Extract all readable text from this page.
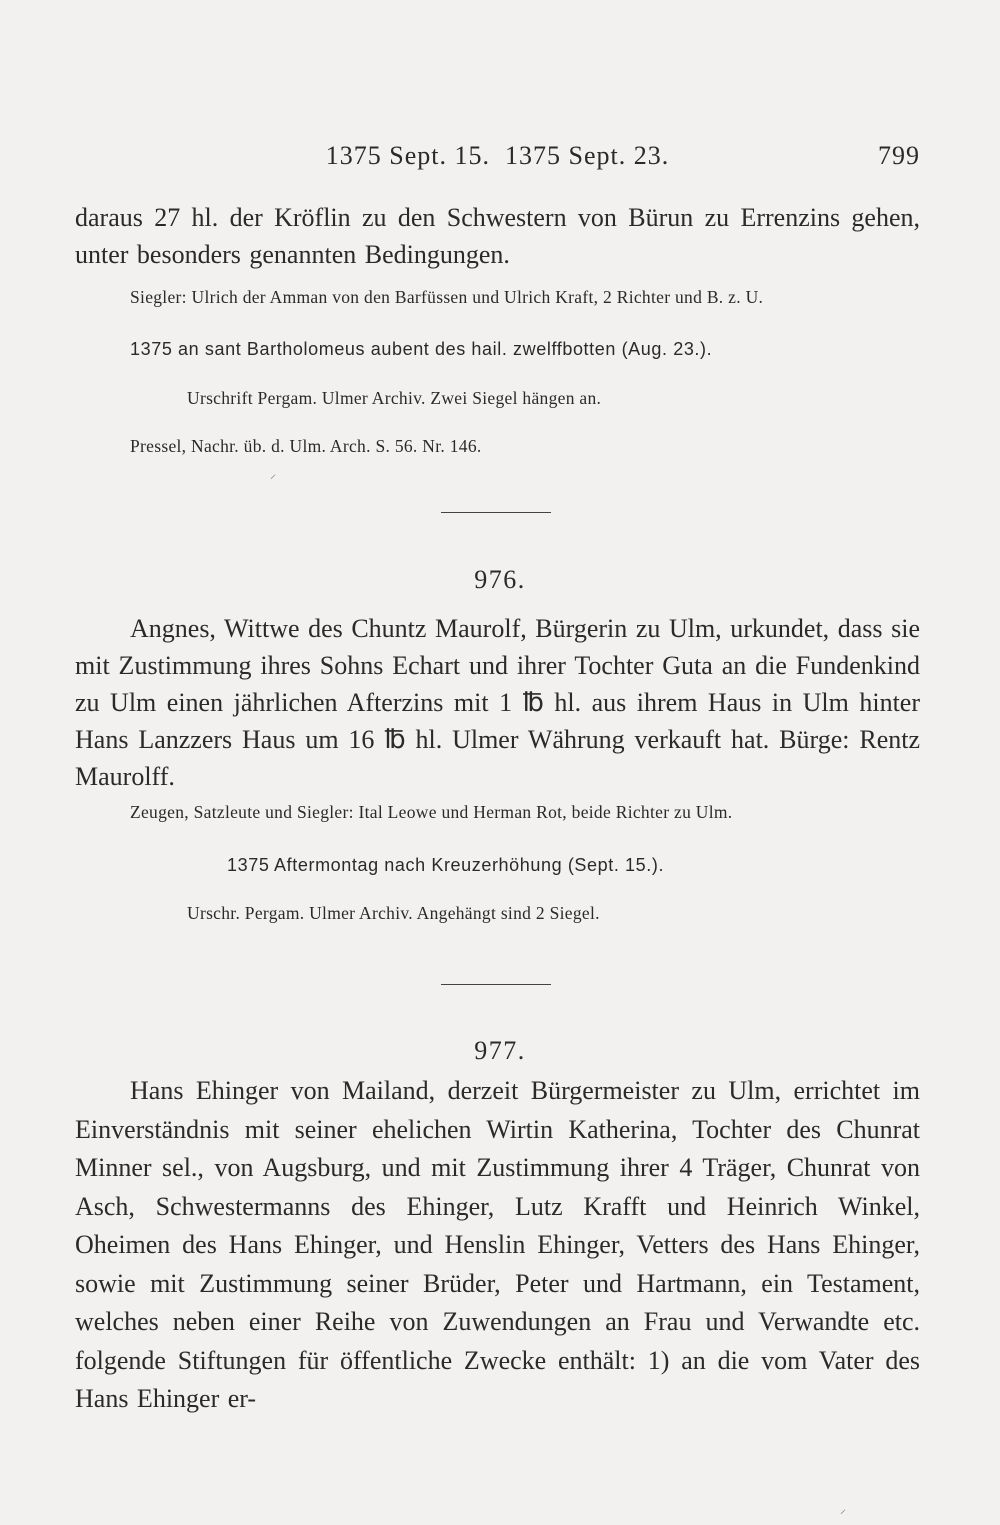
1375 Sept. 15.  1375 Sept. 23.	799
daraus 27 hl. der Kröflin zu den Schwestern von Bürun zu Errenzins gehen, unter besonders genannten Bedingungen.
Siegler: Ulrich der Amman von den Barfüssen und Ulrich Kraft, 2 Richter und B. z. U.
1375 an sant Bartholomeus aubent des hail. zwelffbotten (Aug. 23.).
Urschrift Pergam. Ulmer Archiv. Zwei Siegel hängen an.
Pressel, Nachr. üb. d. Ulm. Arch. S. 56. Nr. 146.
976.
Angnes, Wittwe des Chuntz Maurolf, Bürgerin zu Ulm, urkundet, dass sie mit Zustimmung ihres Sohns Echart und ihrer Tochter Guta an die Fundenkind zu Ulm einen jährlichen Afterzins mit 1 ℔ hl. aus ihrem Haus in Ulm hinter Hans Lanzzers Haus um 16 ℔ hl. Ulmer Währung verkauft hat. Bürge: Rentz Maurolff.
Zeugen, Satzleute und Siegler: Ital Leowe und Herman Rot, beide Richter zu Ulm.
1375 Aftermontag nach Kreuzerhöhung (Sept. 15.).
Urschr. Pergam. Ulmer Archiv. Angehängt sind 2 Siegel.
977.
Hans Ehinger von Mailand, derzeit Bürgermeister zu Ulm, errichtet im Einverständnis mit seiner ehelichen Wirtin Katherina, Tochter des Chunrat Minner sel., von Augsburg, und mit Zustimmung ihrer 4 Träger, Chunrat von Asch, Schwestermanns des Ehinger, Lutz Krafft und Heinrich Winkel, Oheimen des Hans Ehinger, und Henslin Ehinger, Vetters des Hans Ehinger, sowie mit Zustimmung seiner Brüder, Peter und Hartmann, ein Testament, welches neben einer Reihe von Zuwendungen an Frau und Verwandte etc. folgende Stiftungen für öffentliche Zwecke enthält: 1) an die vom Vater des Hans Ehinger er-
⸝
⸝
